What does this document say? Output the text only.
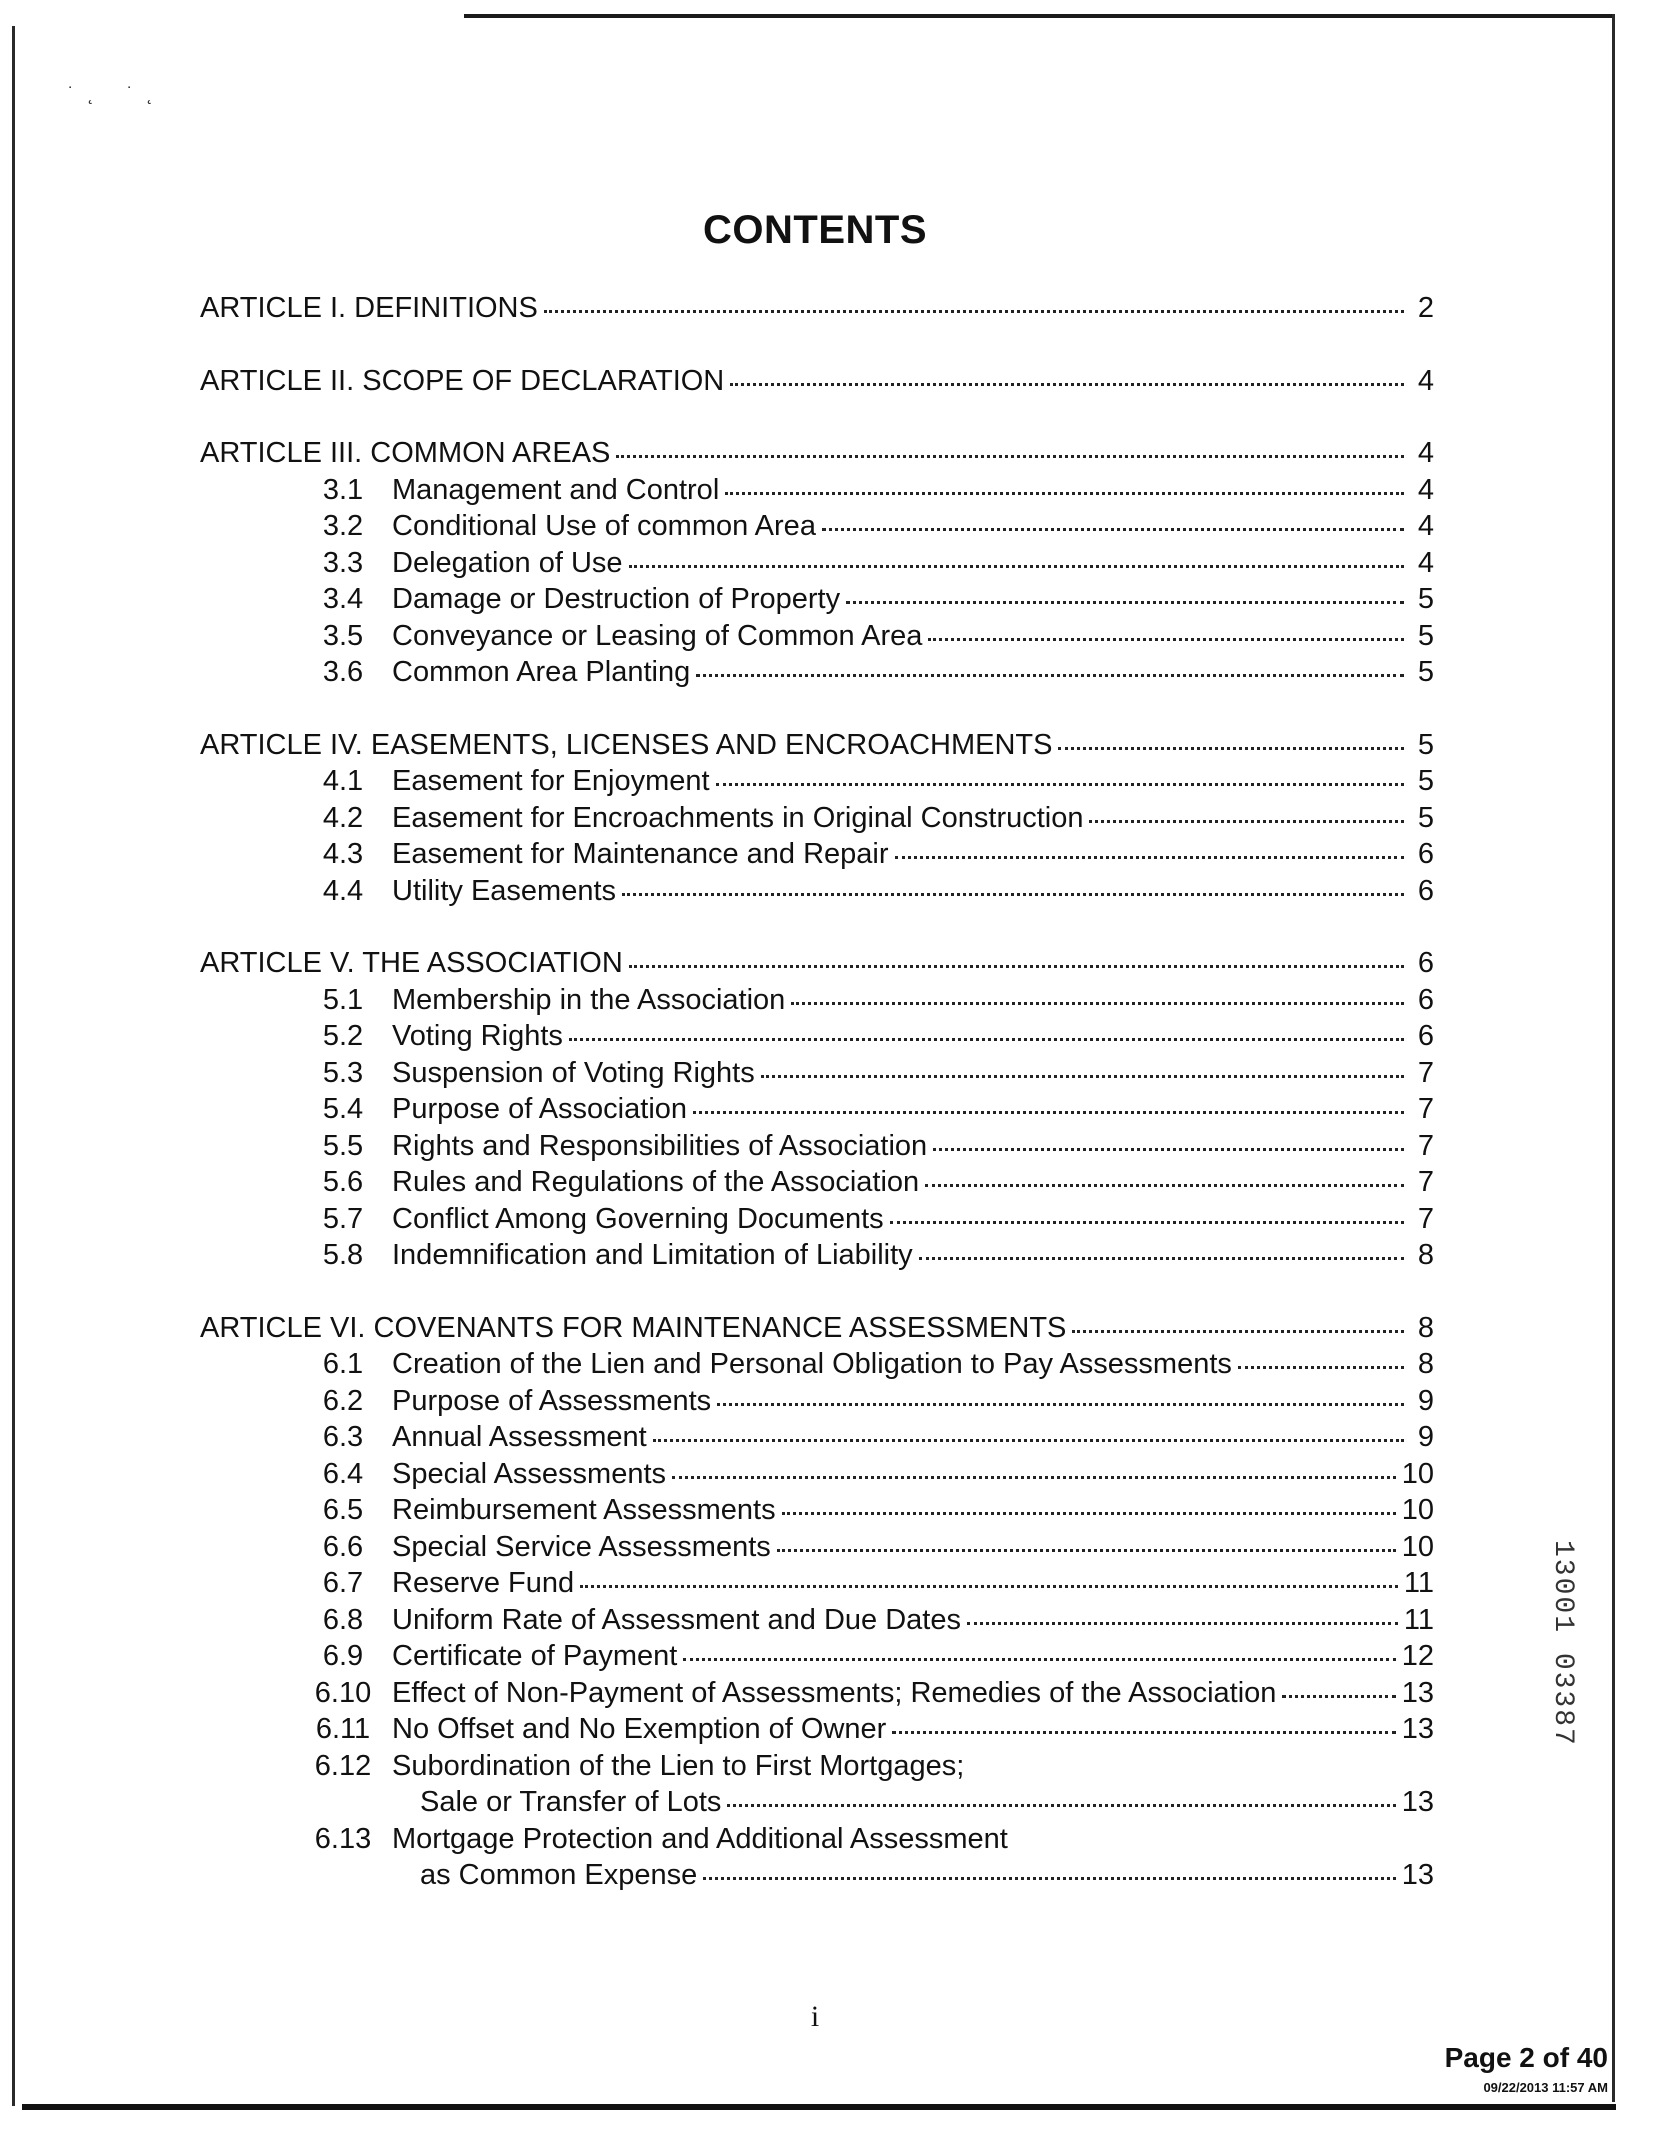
˙˛ ˙˛
CONTENTS
ARTICLE I. DEFINITIONS	2
ARTICLE II. SCOPE OF DECLARATION	4
ARTICLE III. COMMON AREAS	4
3.1 Management and Control	4
3.2 Conditional Use of common Area	4
3.3 Delegation of Use	4
3.4 Damage or Destruction of Property	5
3.5 Conveyance or Leasing of Common Area	5
3.6 Common Area Planting	5
ARTICLE IV. EASEMENTS, LICENSES AND ENCROACHMENTS	5
4.1 Easement for Enjoyment	5
4.2 Easement for Encroachments in Original Construction	5
4.3 Easement for Maintenance and Repair	6
4.4 Utility Easements	6
ARTICLE V. THE ASSOCIATION	6
5.1 Membership in the Association	6
5.2 Voting Rights	6
5.3 Suspension of Voting Rights	7
5.4 Purpose of Association	7
5.5 Rights and Responsibilities of Association	7
5.6 Rules and Regulations of the Association	7
5.7 Conflict Among Governing Documents	7
5.8 Indemnification and Limitation of Liability	8
ARTICLE VI. COVENANTS FOR MAINTENANCE ASSESSMENTS	8
6.1 Creation of the Lien and Personal Obligation to Pay Assessments	8
6.2 Purpose of Assessments	9
6.3 Annual Assessment	9
6.4 Special Assessments	10
6.5 Reimbursement Assessments	10
6.6 Special Service Assessments	10
6.7 Reserve Fund	11
6.8 Uniform Rate of Assessment and Due Dates	11
6.9 Certificate of Payment	12
6.10 Effect of Non-Payment of Assessments; Remedies of the Association	13
6.11 No Offset and No Exemption of Owner	13
6.12 Subordination of the Lien to First Mortgages;
Sale or Transfer of Lots	13
6.13 Mortgage Protection and Additional Assessment
as Common Expense	13
i
13001 03387
Page 2 of 40
09/22/2013 11:57 AM
